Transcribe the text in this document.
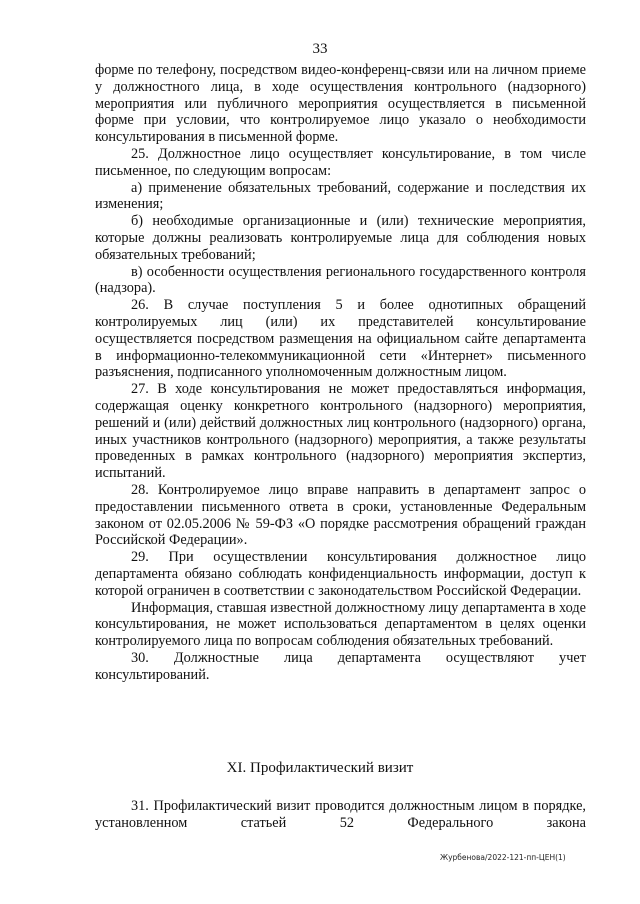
33

форме по телефону, посредством видео-конференц-связи или на личном приеме у должностного лица, в ходе осуществления контрольного (надзорного) мероприятия или публичного мероприятия осуществляется в письменной форме при условии, что контролируемое лицо указало о необходимости консультирования в письменной форме.

25. Должностное лицо осуществляет консультирование, в том числе письменное, по следующим вопросам:

а) применение обязательных требований, содержание и последствия их изменения;

б) необходимые организационные и (или) технические мероприятия, которые должны реализовать контролируемые лица для соблюдения новых обязательных требований;

в) особенности осуществления регионального государственного контроля (надзора).

26. В случае поступления 5 и более однотипных обращений контролируемых лиц (или) их представителей консультирование осуществляется посредством размещения на официальном сайте департамента в информационно-телекоммуникационной сети «Интернет» письменного разъяснения, подписанного уполномоченным должностным лицом.

27. В ходе консультирования не может предоставляться информация, содержащая оценку конкретного контрольного (надзорного) мероприятия, решений и (или) действий должностных лиц контрольного (надзорного) органа, иных участников контрольного (надзорного) мероприятия, а также результаты проведенных в рамках контрольного (надзорного) мероприятия экспертиз, испытаний.

28. Контролируемое лицо вправе направить в департамент запрос о предоставлении письменного ответа в сроки, установленные Федеральным законом от 02.05.2006 № 59-ФЗ «О порядке рассмотрения обращений граждан Российской Федерации».

29. При осуществлении консультирования должностное лицо департамента обязано соблюдать конфиденциальность информации, доступ к которой ограничен в соответствии с законодательством Российской Федерации.

Информация, ставшая известной должностному лицу департамента в ходе консультирования, не может использоваться департаментом в целях оценки контролируемого лица по вопросам соблюдения обязательных требований.

30. Должностные лица департамента осуществляют учет консультирований.

XI. Профилактический визит

31. Профилактический визит проводится должностным лицом в порядке, установленном статьей 52 Федерального закона

Журбенова/2022-121-пп-ЦЕН(1)
